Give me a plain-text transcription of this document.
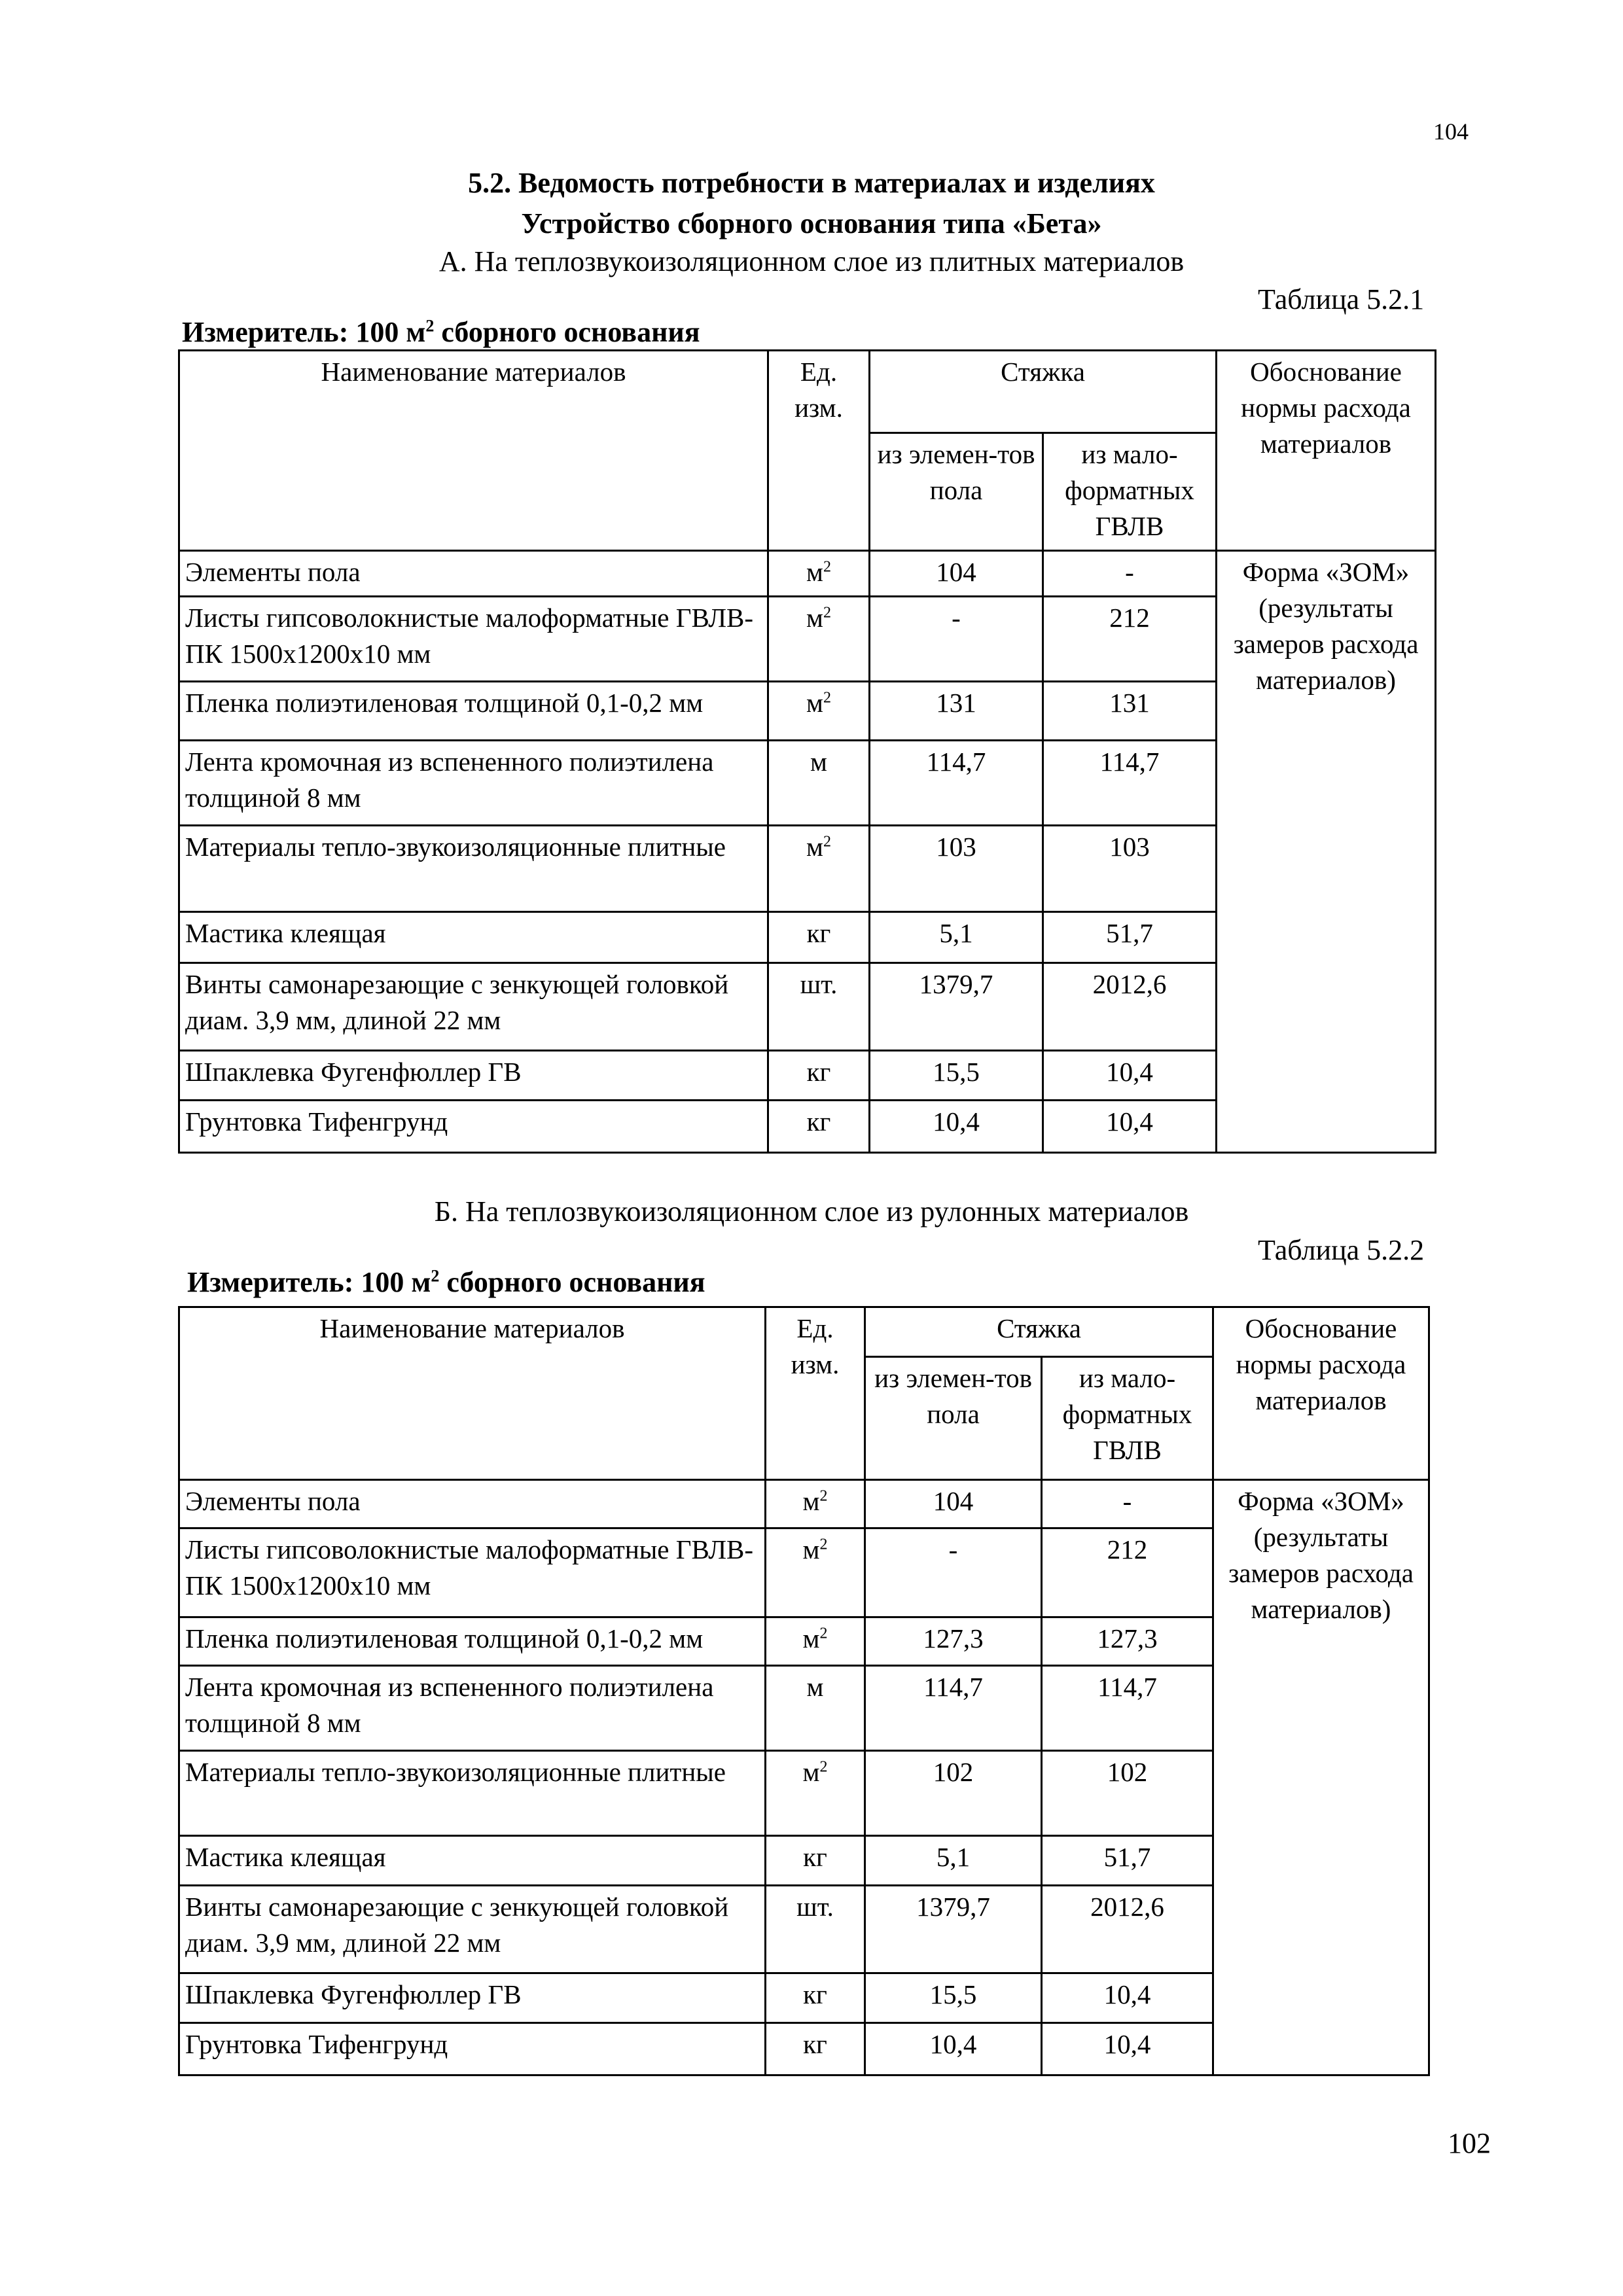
104
5.2. Ведомость потребности в материалах и изделиях
Устройство сборного основания типа «Бета»
А. На теплозвукоизоляционном слое из плитных материалов
Таблица 5.2.1
Измеритель: 100 $м^2$ сборного основания
Наименование материалов	Ед. изм.	Стяжка		Обоснование нормы расхода материалов
		из элемен-тов пола	из мало-форматных ГВЛВ	
Элементы пола	$м^2$	104	-	Форма «ЗОМ» (результаты замеров расхода материалов)
Листы гипсоволокнистые малоформатные ГВЛВ-ПК 1500х1200х10 мм	$м^2$	-	212	
Пленка полиэтиленовая толщиной 0,1-0,2 мм	$м^2$	131	131	
Лента кромочная из вспененного полиэтилена толщиной 8 мм	м	114,7	114,7	
Материалы тепло-звукоизоляционные плитные	$м^2$	103	103	
Мастика клеящая	кг	5,1	51,7	
Винты самонарезающие с зенкующей головкой диам. 3,9 мм, длиной 22 мм	шт.	1379,7	2012,6	
Шпаклевка Фугенфюллер ГВ	кг	15,5	10,4	
Грунтовка Тифенгрунд	кг	10,4	10,4	
Б. На теплозвукоизоляционном слое из рулонных материалов
Таблица 5.2.2
Измеритель: 100 $м^2$ сборного основания
Наименование материалов	Ед. изм.	Стяжка		Обоснование нормы расхода материалов
		из элемен-тов пола	из мало-форматных ГВЛВ	
Элементы пола	$м^2$	104	-	Форма «ЗОМ» (результаты замеров расхода материалов)
Листы гипсоволокнистые малоформатные ГВЛВ-ПК 1500х1200х10 мм	$м^2$	-	212	
Пленка полиэтиленовая толщиной 0,1-0,2 мм	$м^2$	127,3	127,3	
Лента кромочная из вспененного полиэтилена толщиной 8 мм	м	114,7	114,7	
Материалы тепло-звукоизоляционные плитные	$м^2$	102	102	
Мастика клеящая	кг	5,1	51,7	
Винты самонарезающие с зенкующей головкой диам. 3,9 мм, длиной 22 мм	шт.	1379,7	2012,6	
Шпаклевка Фугенфюллер ГВ	кг	15,5	10,4	
Грунтовка Тифенгрунд	кг	10,4	10,4	
102
